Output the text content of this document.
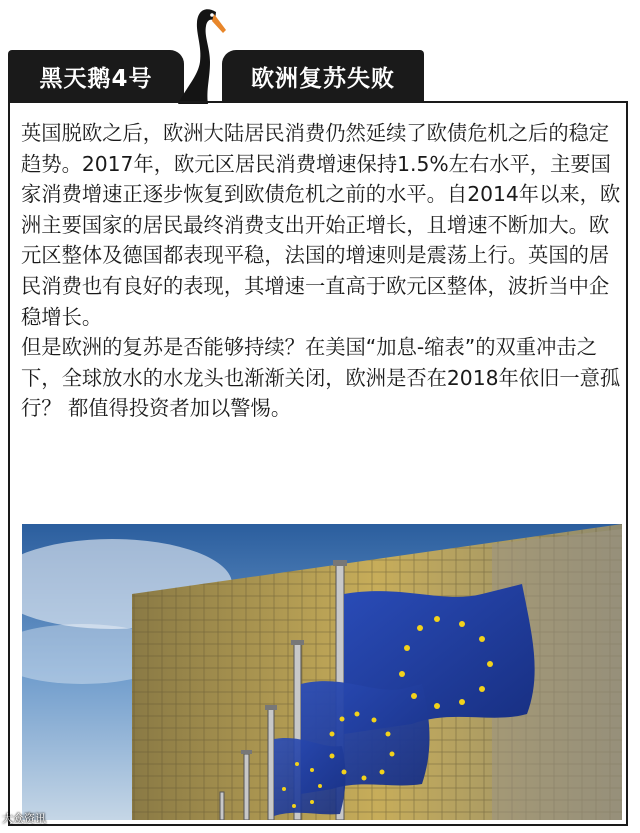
黑天鹅4号	欧洲复苏失败

英国脱欧之后，欧洲大陆居民消费仍然延续了欧债危机之后的稳定趋势。2017年，欧元区居民消费增速保持1.5%左右水平，主要国家消费增速正逐步恢复到欧债危机之前的水平。自2014年以来，欧洲主要国家的居民最终消费支出开始正增长，且增速不断加大。欧元区整体及德国都表现平稳，法国的增速则是震荡上行。英国的居民消费也有良好的表现，其增速一直高于欧元区整体，波折当中企稳增长。

但是欧洲的复苏是否能够持续？在美国“加息-缩表”的双重冲击之下，全球放水的水龙头也渐渐关闭，欧洲是否在2018年依旧一意孤行？ 都值得投资者加以警惕。

大众资讯
